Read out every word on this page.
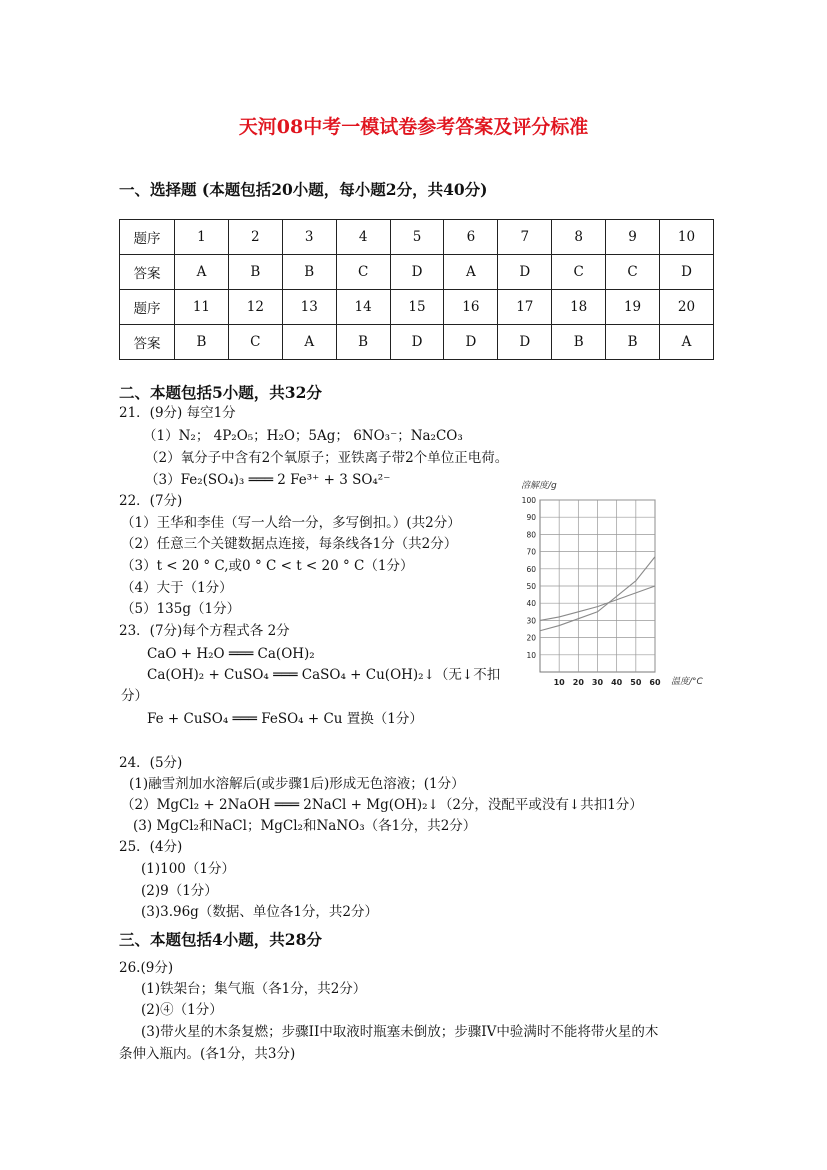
天河08中考一模试卷参考答案及评分标准
一、选择题 (本题包括20小题，每小题2分，共40分)
题序	1	2	3	4	5	6	7	8	9	10
答案	A	B	B	C	D	A	D	C	C	D
题序	11	12	13	14	15	16	17	18	19	20
答案	B	C	A	B	D	D	D	B	B	A
二、本题包括5小题，共32分
21．(9分) 每空1分
（1）N₂； 4P₂O₅；H₂O；5Ag； 6NO₃⁻；Na₂CO₃
（2）氧分子中含有2个氧原子；亚铁离子带2个单位正电荷。
（3）Fe₂(SO₄)₃ ═══ 2 Fe³⁺ + 3 SO₄²⁻
22．(7分)
（1）王华和李佳（写一人给一分，多写倒扣。）(共2分）
（2）任意三个关键数据点连接，每条线各1分（共2分）
（3）t < 20 ° C,或0 ° C < t < 20 ° C（1分）
（4）大于（1分）
（5）135g（1分）
23．(7分)每个方程式各 2分
CaO + H₂O ═══ Ca(OH)₂
Ca(OH)₂ + CuSO₄ ═══ CaSO₄ + Cu(OH)₂↓（无↓不扣
分）
Fe + CuSO₄ ═══ FeSO₄ + Cu 置换（1分）
24．(5分)
(1)融雪剂加水溶解后(或步骤1后)形成无色溶液；(1分）
（2）MgCl₂ + 2NaOH ═══ 2NaCl + Mg(OH)₂↓（2分，没配平或没有↓共扣1分）
(3) MgCl₂和NaCl；MgCl₂和NaNO₃（各1分，共2分）
25．(4分)
(1)100（1分）
(2)9（1分）
(3)3.96g（数据、单位各1分，共2分）
三、本题包括4小题，共28分
26.(9分)
(1)铁架台；集气瓶（各1分，共2分）
(2)④（1分）
(3)带火星的木条复燃；步骤II中取液时瓶塞未倒放；步骤IV中验满时不能将带火星的木
条伸入瓶内。(各1分，共3分)
10
20
30
40
50
60
70
80
90
100
10 20 30 40 50 60
溶解度/g
温度/°C
